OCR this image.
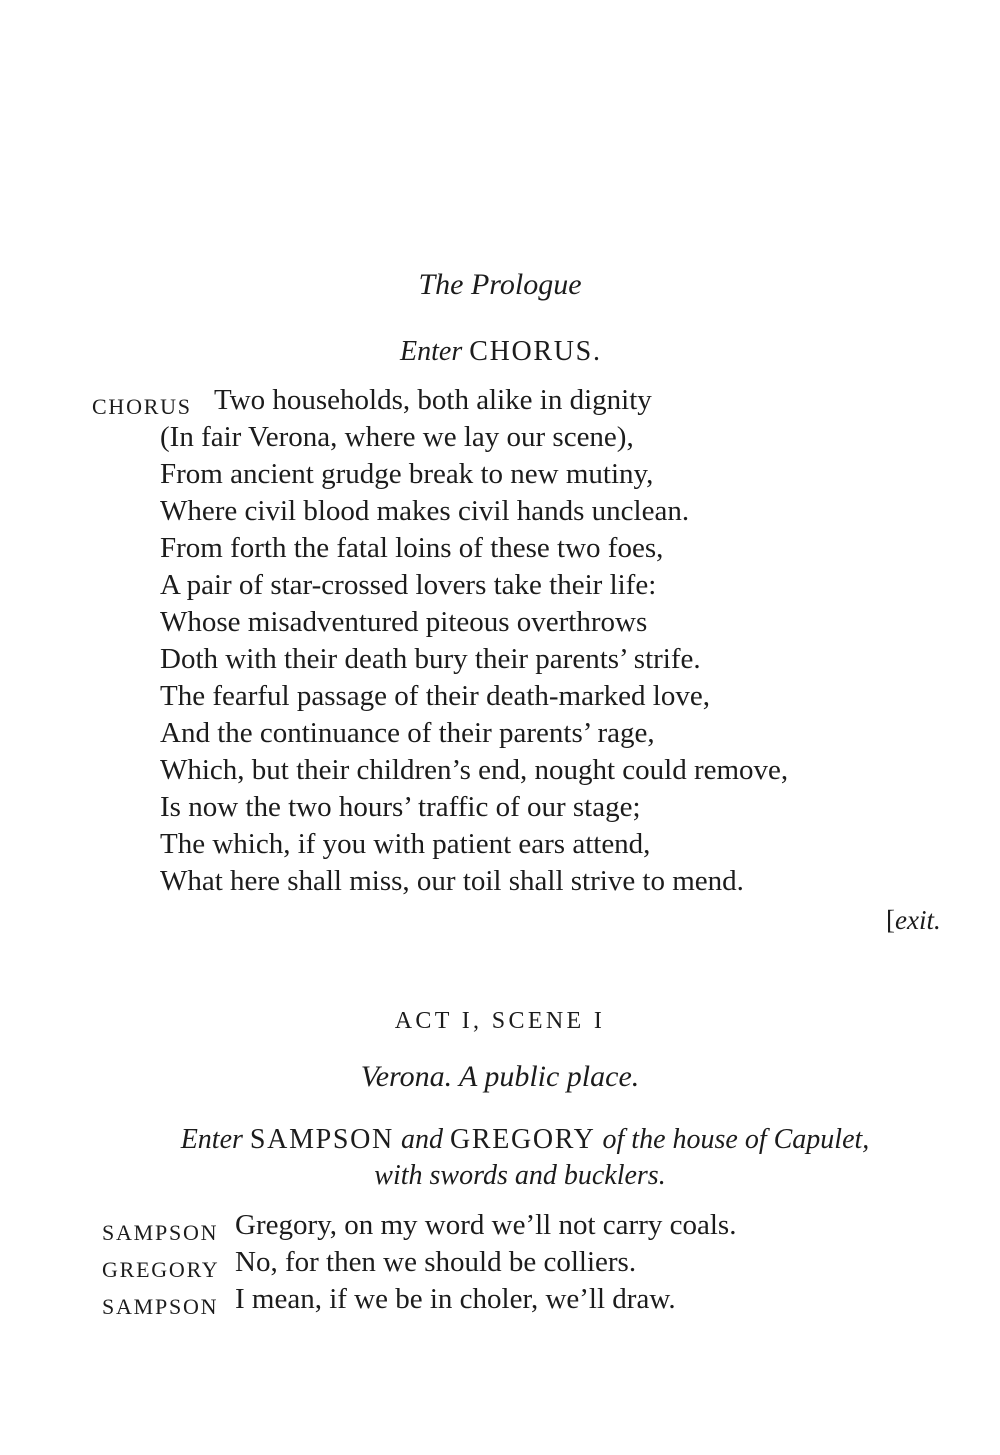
The Prologue
Enter CHORUS.
CHORUS Two households, both alike in dignity
(In fair Verona, where we lay our scene),
From ancient grudge break to new mutiny,
Where civil blood makes civil hands unclean.
From forth the fatal loins of these two foes,
A pair of star-crossed lovers take their life:
Whose misadventured piteous overthrows
Doth with their death bury their parents’ strife.
The fearful passage of their death-marked love,
And the continuance of their parents’ rage,
Which, but their children’s end, nought could remove,
Is now the two hours’ traffic of our stage;
The which, if you with patient ears attend,
What here shall miss, our toil shall strive to mend.
[exit.
ACT I, SCENE I
Verona. A public place.
Enter SAMPSON and GREGORY of the house of Capulet,
with swords and bucklers.
SAMPSON Gregory, on my word we’ll not carry coals.
GREGORY No, for then we should be colliers.
SAMPSON I mean, if we be in choler, we’ll draw.
